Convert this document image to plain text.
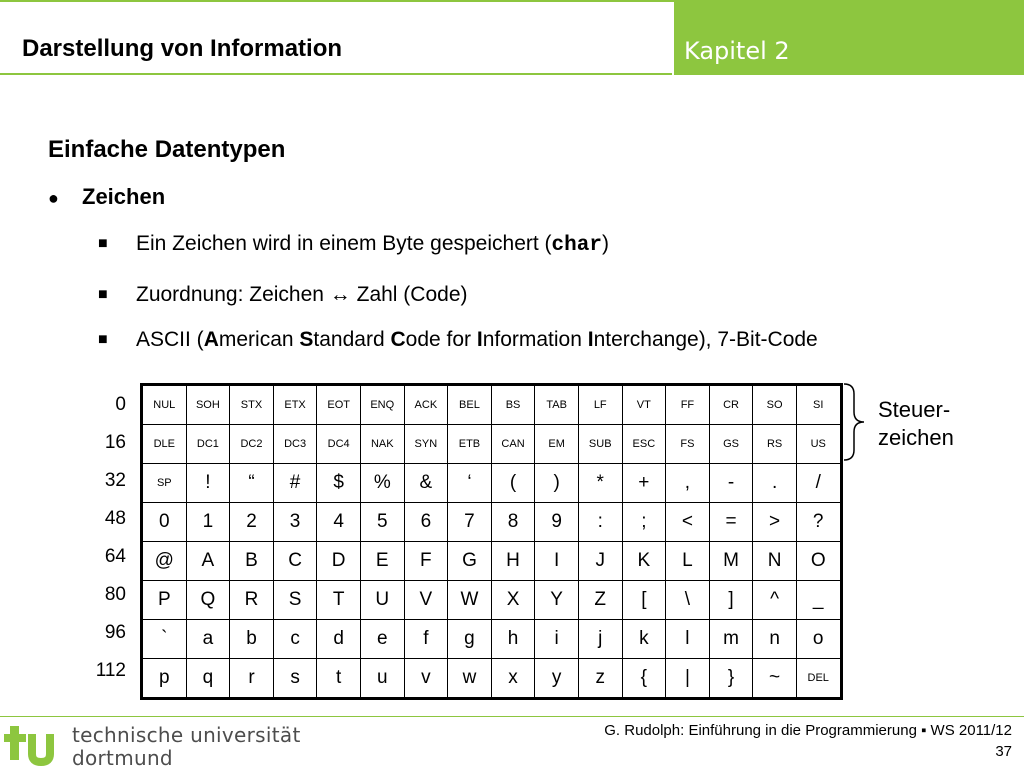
Darstellung von Information	Kapitel 2
Einfache Datentypen
● Zeichen
■ Ein Zeichen wird in einem Byte gespeichert (char)
■ Zuordnung: Zeichen ↔ Zahl (Code)
■ ASCII (American Standard Code for Information Interchange), 7-Bit-Code
0
16
32
48
64
80
96
112
NUL	SOH	STX	ETX	EOT	ENQ	ACK	BEL	BS	TAB	LF	VT	FF	CR	SO	SI
DLE	DC1	DC2	DC3	DC4	NAK	SYN	ETB	CAN	EM	SUB	ESC	FS	GS	RS	US
SP	!	“	#	$	%	&	‘	(	)	*	+	,	-	.	/
0	1	2	3	4	5	6	7	8	9	:	;	<	=	>	?
@	A	B	C	D	E	F	G	H	I	J	K	L	M	N	O
P	Q	R	S	T	U	V	W	X	Y	Z	[	\	]	^	_
`	a	b	c	d	e	f	g	h	i	j	k	l	m	n	o
p	q	r	s	t	u	v	w	x	y	z	{	|	}	~	DEL
Steuer-
zeichen
technische universität
dortmund
G. Rudolph: Einführung in die Programmierung ▪ WS 2011/12
37
